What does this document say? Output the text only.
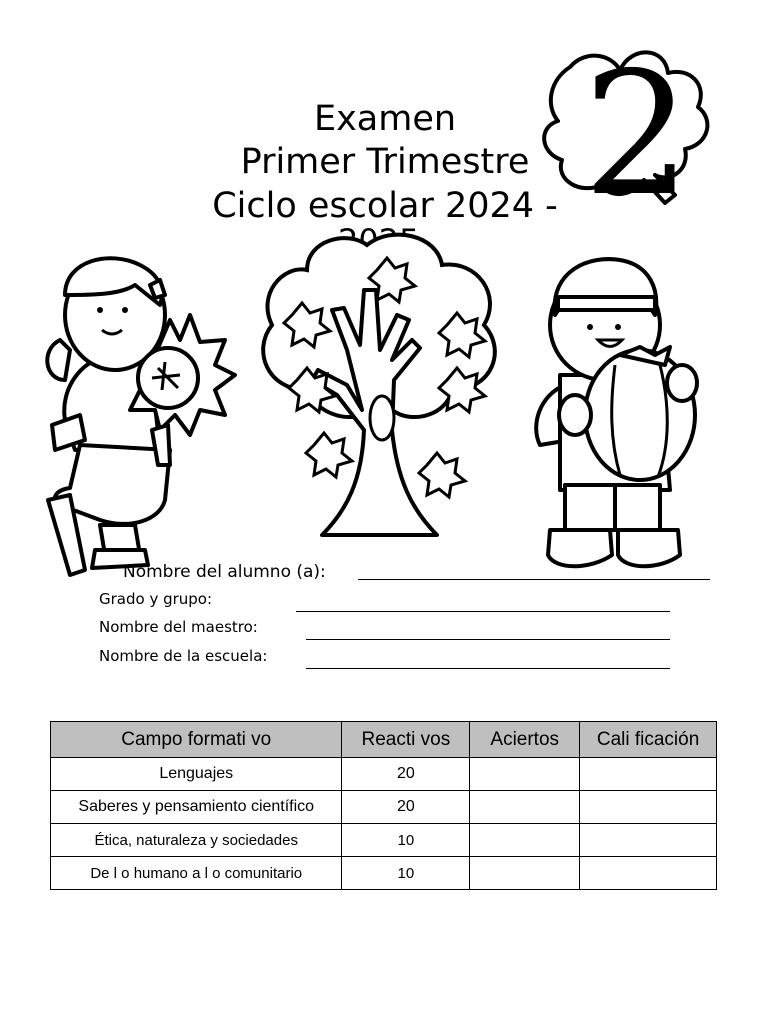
Examen
Primer Trimestre
Ciclo escolar 2024 - 2
Nombre del alumno (a):
Grado y grupo:
Nombre del maestro:
Nombre de la escuela:
Campo formati vo	Reacti vos	Aciertos	Cali ficación
Lenguajes	20		
Saberes y pensamiento científico	20		
Ética, naturaleza y sociedades	10		
De l o humano a l o comunitario	10		
